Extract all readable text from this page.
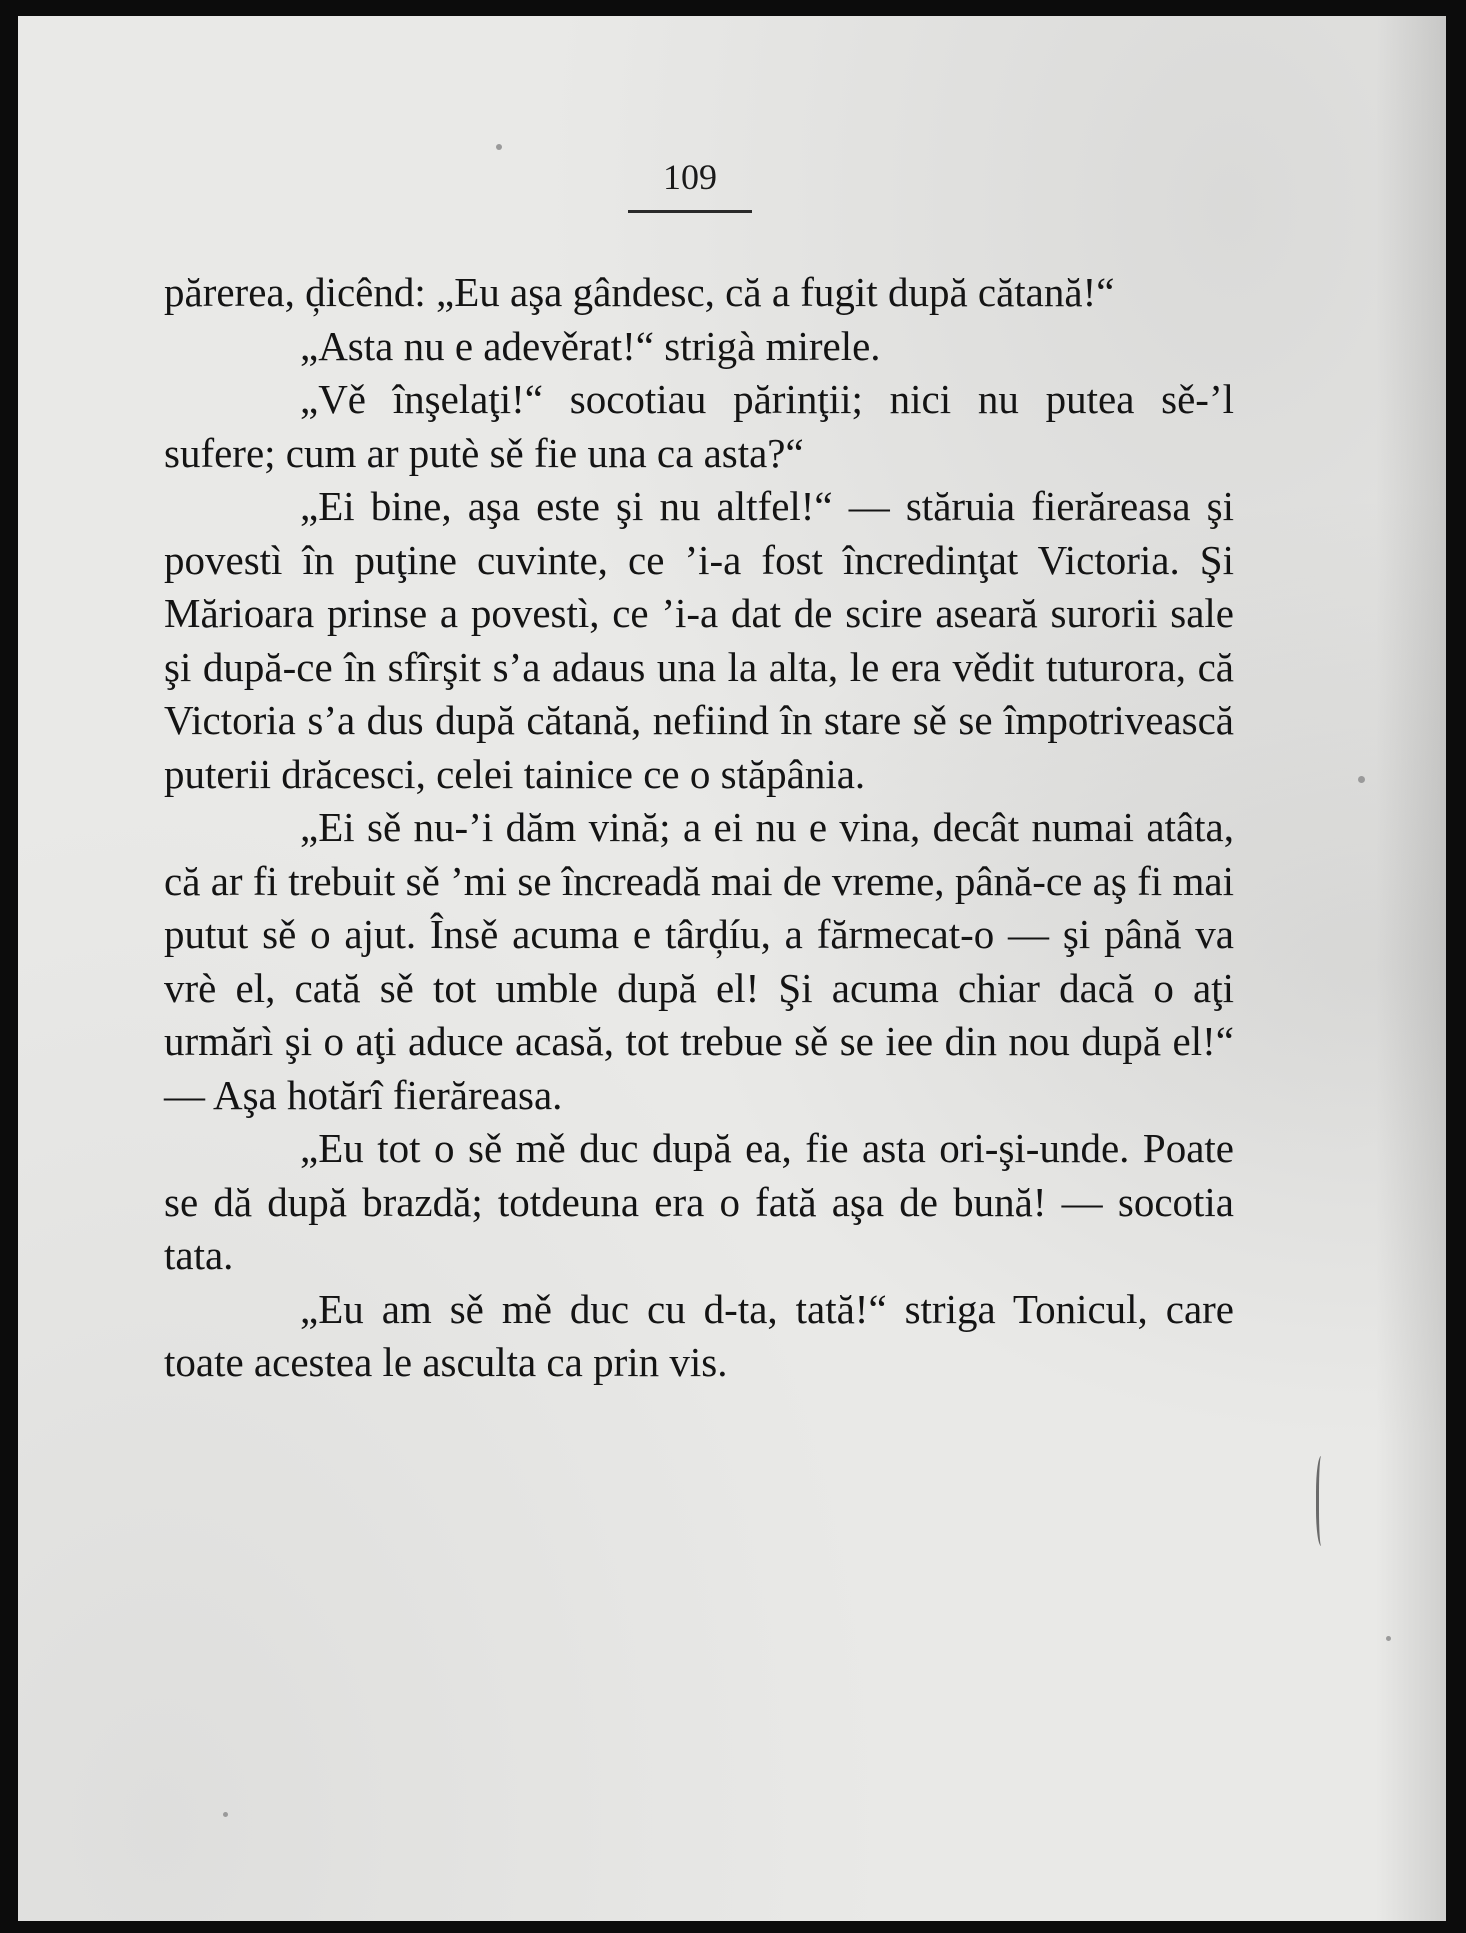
109

părerea, ḑicênd: „Eu aşa gândesc, că a fugit după cătană!“

„Asta nu e adevěrat!“ strigà mirele.

„Vě înşelaţi!“ socotiau părinţii; nici nu putea sě-’l sufere; cum ar putè sě fie una ca asta?“

„Ei bine, aşa este şi nu altfel!“ — stăruia fierăreasa şi povestì în puţine cuvinte, ce ’i-a fost încredinţat Victoria. Şi Mărioara prinse a povestì, ce ’i-a dat de scire aseară surorii sale şi după-ce în sfîrşit s’a adaus una la alta, le era vědit tuturora, că Victoria s’a dus după cătană, nefiind în stare sě se împotrivească puterii drăcesci, celei tainice ce o stăpânia.

„Ei sě nu-’i dăm vină; a ei nu e vina, decât numai atâta, că ar fi trebuit sě ’mi se încreadă mai de vreme, până-ce aş fi mai putut sě o ajut. Însě acuma e târḑíu, a fărmecat-o — şi până va vrè el, cată sě tot umble după el! Şi acuma chiar dacă o aţi urmărì şi o aţi aduce acasă, tot trebue sě se iee din nou după el!“ — Aşa hotărî fierăreasa.

„Eu tot o sě mě duc după ea, fie asta ori-şi-unde. Poate se dă după brazdă; totdeuna era o fată aşa de bună! — socotia tata.

„Eu am sě mě duc cu d-ta, tată!“ striga Tonicul, care toate acestea le asculta ca prin vis.
